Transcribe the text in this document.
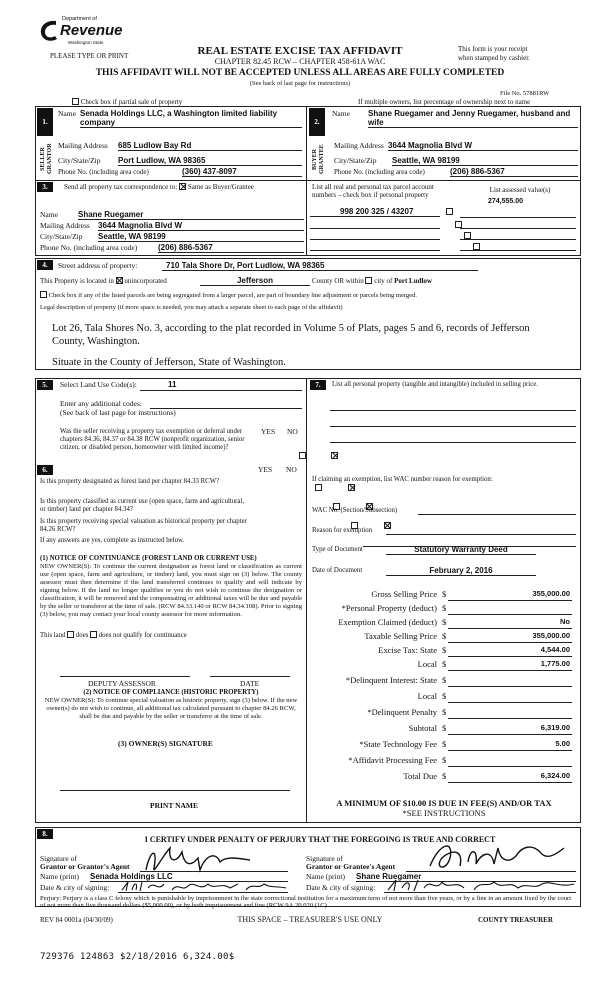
Department of
Revenue
Washington State
PLEASE TYPE OR PRINT	REAL ESTATE EXCISE TAX AFFIDAVIT
CHAPTER 82.45 RCW – CHAPTER 458-61A WAC
This form is your receipt
when stamped by cashier.
THIS AFFIDAVIT WILL NOT BE ACCEPTED UNLESS ALL AREAS ARE FULLY COMPLETED
(See back of last page for instructions)
File No. 57881RW
Check box if partial sale of property	If multiple owners, list percentage of ownership next to name
1.
SELLER GRANTOR
Name Senada Holdings LLC, a Washington limited liability company
Mailing Address 685 Ludlow Bay Rd
City/State/Zip Port Ludlow, WA 98365
Phone No. (including area code)	(360) 437-8097
2.
BUYER GRANTEE
Name Shane Ruegamer and Jenny Ruegamer, husband and wife
Mailing Address 3644 Magnolia Blvd W
City/State/Zip Seattle, WA 98199
Phone No. (including area code)	(206) 886-5367
3.	Send all property tax correspondence to: Same as Buyer/Grantee
Name	Shane Ruegamer
Mailing Address 3644 Magnolia Blvd W
City/State/Zip Seattle, WA 98199
Phone No. (including area code)	(206) 886-5367
List all real and personal tax parcel account
numbers – check box if personal property
List assessed value(s)
274,555.00
998 200 325 / 43207

4.	Street address of property:	710 Tala Shore Dr, Port Ludlow, WA 98365
This Property is located in unincorporated	Jefferson	County OR within city of Port Ludlow
Check box if any of the listed parcels are being segregated from a larger parcel, are part of boundary line adjustment or parcels being merged.
Legal description of property (if more space is needed, you may attach a separate sheet to each page of the affidavit)
Lot 26, Tala Shores No. 3, according to the plat recorded in Volume 5 of Plats, pages 5 and 6, records of Jefferson County, Washington.
Situate in the County of Jefferson, State of Washington.
5.	Select Land Use Code(s):	11
Enter any additional codes:
(See back of last page for instructions)
YES NO
Was the seller receiving a property tax exemption or deferral under chapters 84.36, 84.37 or 84.38 RCW (nonprofit organization, senior citizen, or disabled person, homeowner with limited income)?

6.	YES NO
Is this property designated as forest land per chapter 84.33 RCW?

Is this property classified as current use (open space, farm and agricultural, or timber) land per chapter 84.34?

Is this property receiving special valuation as historical property per chapter 84.26 RCW?

If any answers are yes, complete as instructed below.
(1) NOTICE OF CONTINUANCE (FOREST LAND OR CURRENT USE)
NEW OWNER(S): To continue the current designation as forest land or classification as current use (open space, farm and agriculture, or timber) land, you must sign on (3) below. The county assessor must then determine if the land transferred continues to qualify and will indicate by signing below. If the land no longer qualifies or you do not wish to continue the designation or classification, it will be removed and the compensating or additional taxes will be due and payable by the seller or transferor at the time of sale. (RCW 84.33.140 or RCW 84.34.108). Prior to signing (3) below, you may contact your local county assessor for more information.
This land does does not qualify for continuance
DEPUTY ASSESSOR	DATE
(2) NOTICE OF COMPLIANCE (HISTORIC PROPERTY)
NEW OWNER(S): To continue special valuation as historic property, sign (3) below. If the new owner(s) do not wish to continue, all additional tax calculated pursuant to chapter 84.26 RCW, shall be due and payable by the seller or transferor at the time of sale.
(3) OWNER(S) SIGNATURE
PRINT NAME
7.	List all personal property (tangible and intangible) included in selling price.
If claiming an exemption, list WAC number reason for exemption:
WAC No. (Section/Subsection)
Reason for exemption
Type of Document	Statutory Warranty Deed
Date of Document	February 2, 2016
Gross Selling Price $	355,000.00
*Personal Property (deduct) $
Exemption Claimed (deduct) $	No
Taxable Selling Price $	355,000.00
Excise Tax: State $	4,544.00
Local $	1,775.00
*Delinquent Interest: State $
Local $
*Delinquent Penalty $
Subtotal $	6,319.00
*State Technology Fee $	5.00
*Affidavit Processing Fee $
Total Due $	6,324.00
A MINIMUM OF $10.00 IS DUE IN FEE(S) AND/OR TAX
*SEE INSTRUCTIONS
8.
I CERTIFY UNDER PENALTY OF PERJURY THAT THE FOREGOING IS TRUE AND CORRECT
Signature of
Grantor or Grantor's Agent
Name (print) Senada Holdings LLC
Date & city of signing:
Signature of
Grantor or Grantee's Agent
Name (print) Shane Ruegamer
Date & city of signing:
Perjury: Perjury is a class C felony which is punishable by imprisonment in the state correctional institution for a maximum term of not more than five years, or by a fine in an amount fixed by the court of not more than five thousand dollars ($5,000.00), or by both imprisonment and fine (RCW 9A.20.020 (1C).
REV 84 0001a (04/30/09)	THIS SPACE – TREASURER'S USE ONLY	COUNTY TREASURER
729376 124863 $2/18/2016 6,324.00$
